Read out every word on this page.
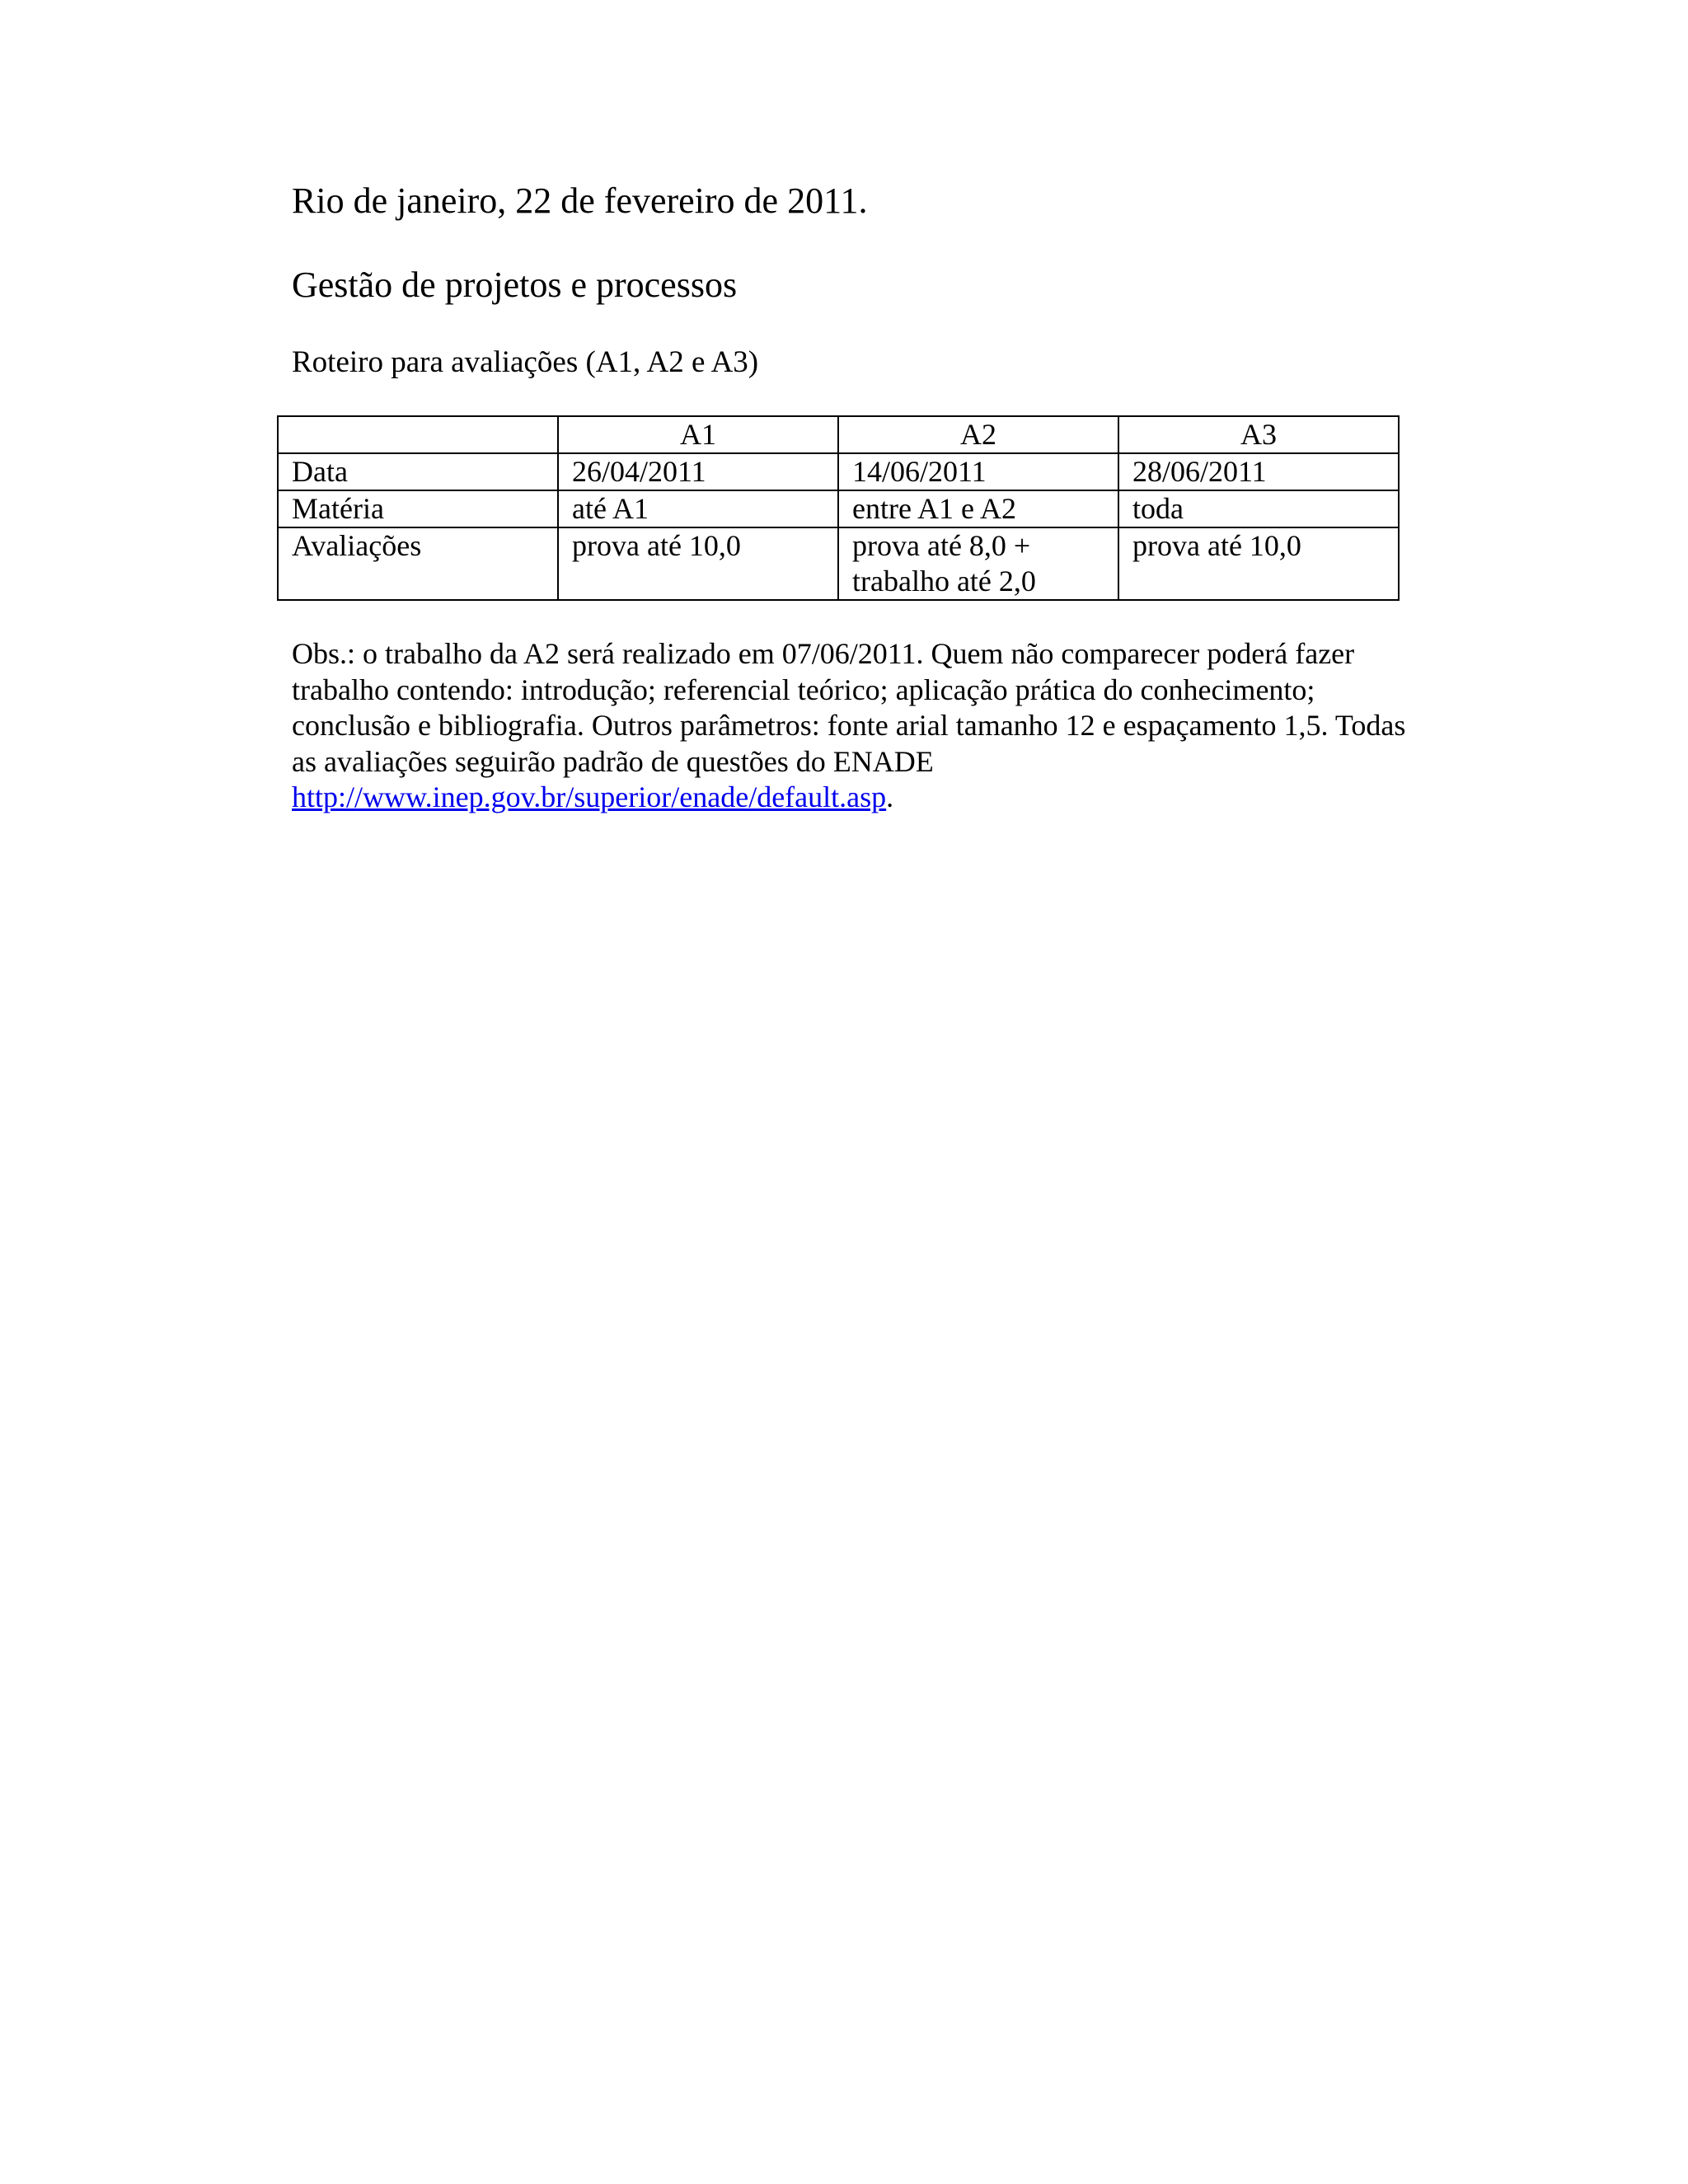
Rio de janeiro, 22 de fevereiro de 2011.
Gestão de projetos e processos
Roteiro para avaliações (A1, A2 e A3)
	A1	A2	A3
Data	26/04/2011	14/06/2011	28/06/2011
Matéria	até A1	entre A1 e A2	toda
Avaliações	prova até 10,0	prova até 8,0 + trabalho até 2,0	prova até 10,0

Obs.: o trabalho da A2 será realizado em 07/06/2011. Quem não comparecer poderá fazer trabalho contendo: introdução; referencial teórico; aplicação prática do conhecimento; conclusão e bibliografia. Outros parâmetros: fonte arial tamanho 12 e espaçamento 1,5. Todas as avaliações seguirão padrão de questões do ENADE http://www.inep.gov.br/superior/enade/default.asp.
